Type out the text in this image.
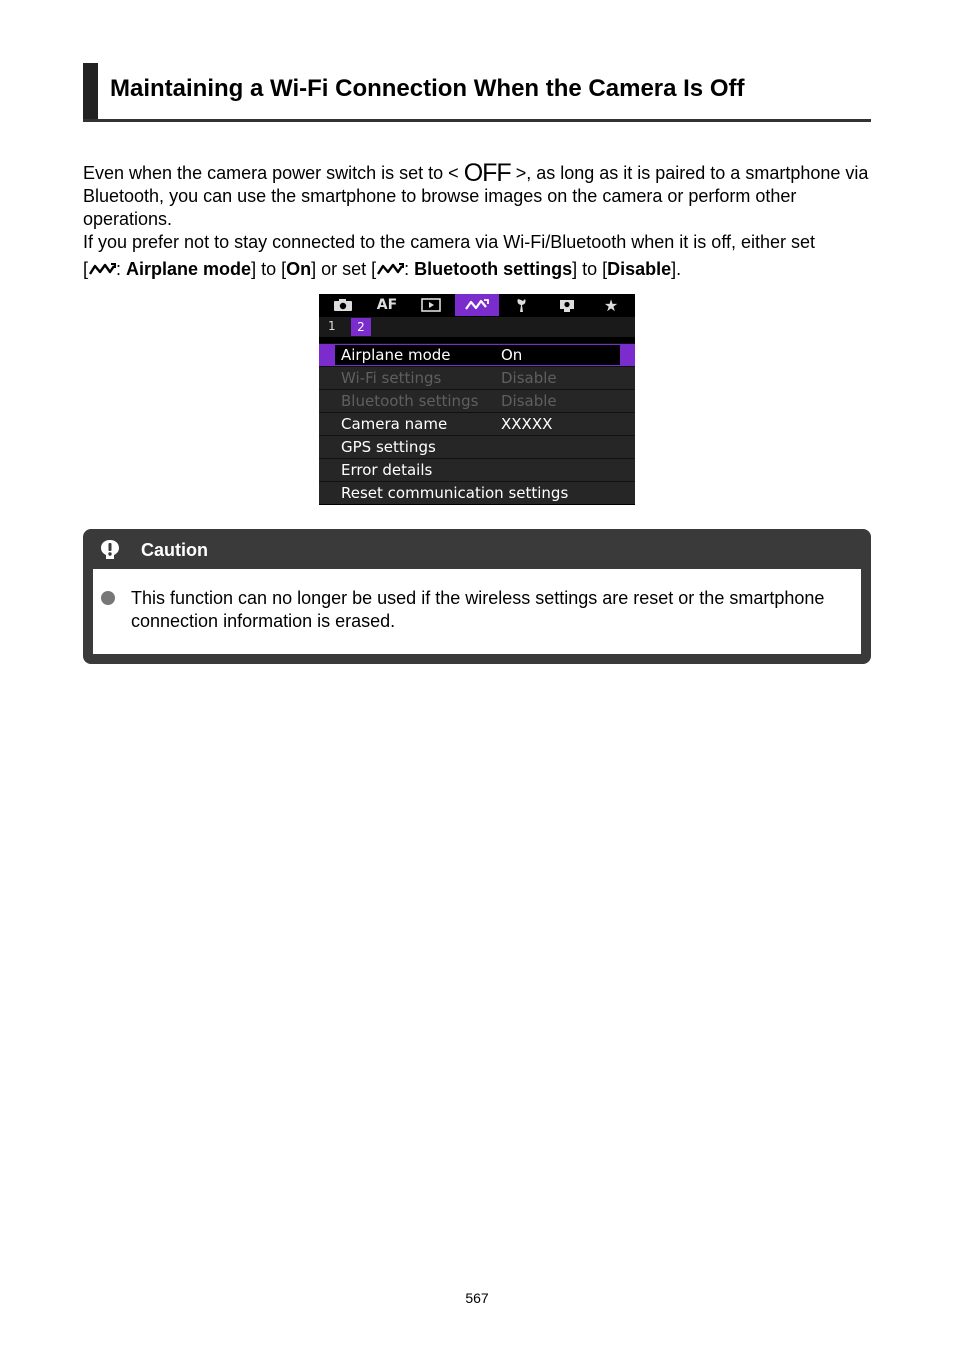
Maintaining a Wi-Fi Connection When the Camera Is Off

Even when the camera power switch is set to < OFF >, as long as it is paired to a smartphone via Bluetooth, you can use the smartphone to browse images on the camera or perform other operations.

If you prefer not to stay connected to the camera via Wi-Fi/Bluetooth when it is off, either set
[ : Airplane mode] to [On] or set [ : Bluetooth settings] to [Disable].

AF	★
1	2
Airplane mode	On
Wi-Fi settings	Disable
Bluetooth settings Disable
Camera name	XXXXX
GPS settings
Error details
Reset communication settings
Caution
This function can no longer be used if the wireless settings are reset or the smartphone connection information is erased.
567
